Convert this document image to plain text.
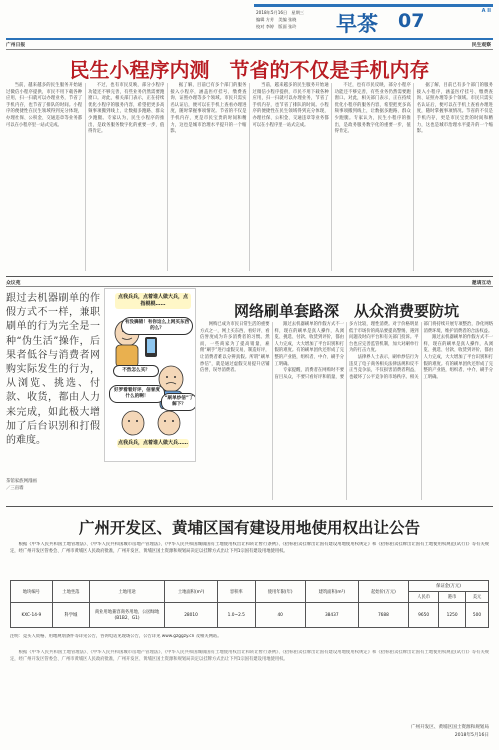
A II
2018年5月16日　星期三
编辑 方芳　美编 张晓
校对 李婷　版面 张玲 早茶 07
广州日报	民生观察
民生小程序内测　节省的不仅是手机内存

当前，越来越多的民生服务开始通过微信小程序提供，市民不用下载各种应用，扫一扫就可以办理业务，节省了手机内存，也节省了排队的时间。小程序的便捷性在民生领域得到充分体现，办理社保、公积金、交通违章等业务都可以在小程序里一站式完成。

不过，也有市民反映，部分小程序功能还不够完善，有些业务仍然需要跑窗口。对此，相关部门表示，正在持续优化小程序的服务内容，希望把更多高频事项搬到线上，让数据多跑路、群众少跑腿。专家认为，民生小程序的推出，是政务服务数字化的重要一步，值得肯定。

据了解，目前已有多个部门的服务接入小程序，涵盖医疗挂号、缴费查询、证照办理等多个领域。市民只需实名认证后，便可以在手机上查看办理进度，随时掌握事项情况。节省的不仅是手机内存，更是市民宝贵的时间和精力，这也是城市治理水平提升的一个缩影。

当前，越来越多的民生服务开始通过微信小程序提供，市民不用下载各种应用，扫一扫就可以办理业务，节省了手机内存，也节省了排队的时间。小程序的便捷性在民生领域得到充分体现，办理社保、公积金、交通违章等业务都可以在小程序里一站式完成。

不过，也有市民反映，部分小程序功能还不够完善，有些业务仍然需要跑窗口。对此，相关部门表示，正在持续优化小程序的服务内容，希望把更多高频事项搬到线上，让数据多跑路、群众少跑腿。专家认为，民生小程序的推出，是政务服务数字化的重要一步，值得肯定。

据了解，目前已有多个部门的服务接入小程序，涵盖医疗挂号、缴费查询、证照办理等多个领域。市民只需实名认证后，便可以在手机上查看办理进度，随时掌握事项情况。节省的不仅是手机内存，更是市民宝贵的时间和精力，这也是城市治理水平提升的一个缩影。

众议苑	邀请互动
点我兵兵，点着谁人做大兵，点指棍棍……
有没搞错！有你这么上网买东西的么？
不然怎么买？
好罗看看好评，信誉度什么的啊！	“刷单炒信”了解下？
点我兵兵，点着谁人做大兵……
跟过去机器刷单的作假方式不一样，兼职刷单的行为完全是一种“伪生活”操作，后果者低谷与消费者网购实际发生的行为，从浏览、挑选、付款、收货，都由人力来完成，如此极大增加了后台识别和打假的难度。
茶馆家族网漫画
／三亩墙
网络刷单套路深　从众消费要防坑

网购已成为市民日常生活的重要方式之一，网上买东西，看好评、看信誉度成为许多消费者的习惯。然而，一些商家为了提高销量，雇佣“刷手”进行虚假交易，制造好评，让消费者难以分辨真假。所谓“刷单炒信”，就是通过虚假交易提升店铺信誉，误导消费者。

跟过去机器刷单的作假方式不一样，现在的刷单是真人操作，从浏览、挑选、付款、收货到评价，都由人力完成，大大增加了平台识别和打假的难度。有的刷单团伙还形成了完整的产业链，组织者、中介、刷手分工明确。

专家提醒，消费者在网购时不要盲目从众，不要只看好评和销量，要多方比较，理性消费。对于价格明显低于市场价的商品要提高警惕，遇到问题及时向平台和有关部门投诉。平台也应完善监管机制，加大对刷单行为的打击力度。

法律界人士表示，刷单炒信行为违反了电子商务相关法律法规和反不正当竞争法，不仅损害消费者利益，也破坏了公平竞争的市场秩序。相关部门将持续开展专项整治，净化网络消费环境，维护消费者的合法权益。

跟过去机器刷单的作假方式不一样，现在的刷单是真人操作，从浏览、挑选、付款、收货到评价，都由人力完成，大大增加了平台识别和打假的难度。有的刷单团伙还形成了完整的产业链，组织者、中介、刷手分工明确。

广州开发区、黄埔区国有建设用地使用权出让公告
根据《中华人民共和国土地管理法》、《中华人民共和国城市房地产管理法》、《中华人民共和国城镇国有土地使用权出让和转让暂行条例》、《招标拍卖挂牌出让国有建设用地使用权规定》和《招标拍卖挂牌出让国有土地使用权规范(试行)》等有关规定，经广州开发区管委会、广州市黄埔区人民政府批准，广州开发区、黄埔区国土资源和规划局决定以挂牌方式出让下列1宗国有建设用地使用权。
地块编号	土地坐落	土地用途	土地面积(m²)	容积率	使用年限(年)	建筑面积(m²)	起始价(万元)	保证金(万元)		
								人民币	港币	美元
KXC-14-9	科学城	商业用地兼容商务用地、公园绿地(B1B2、G1)	28010	1.0~2.5	40	38437	7688	9650	1250	500
注明：竞买人资格、用地规划条件等详见公告，咨询电话见现场公告，公告详见 www.gzggzy.cn 及相关网站。
根据《中华人民共和国土地管理法》、《中华人民共和国城市房地产管理法》、《中华人民共和国城镇国有土地使用权出让和转让暂行条例》、《招标拍卖挂牌出让国有建设用地使用权规定》和《招标拍卖挂牌出让国有土地使用权规范(试行)》等有关规定，经广州开发区管委会、广州市黄埔区人民政府批准，广州开发区、黄埔区国土资源和规划局决定以挂牌方式出让下列1宗国有建设用地使用权。
广州开发区、黄埔区国土资源和规划局
2018年5月16日
